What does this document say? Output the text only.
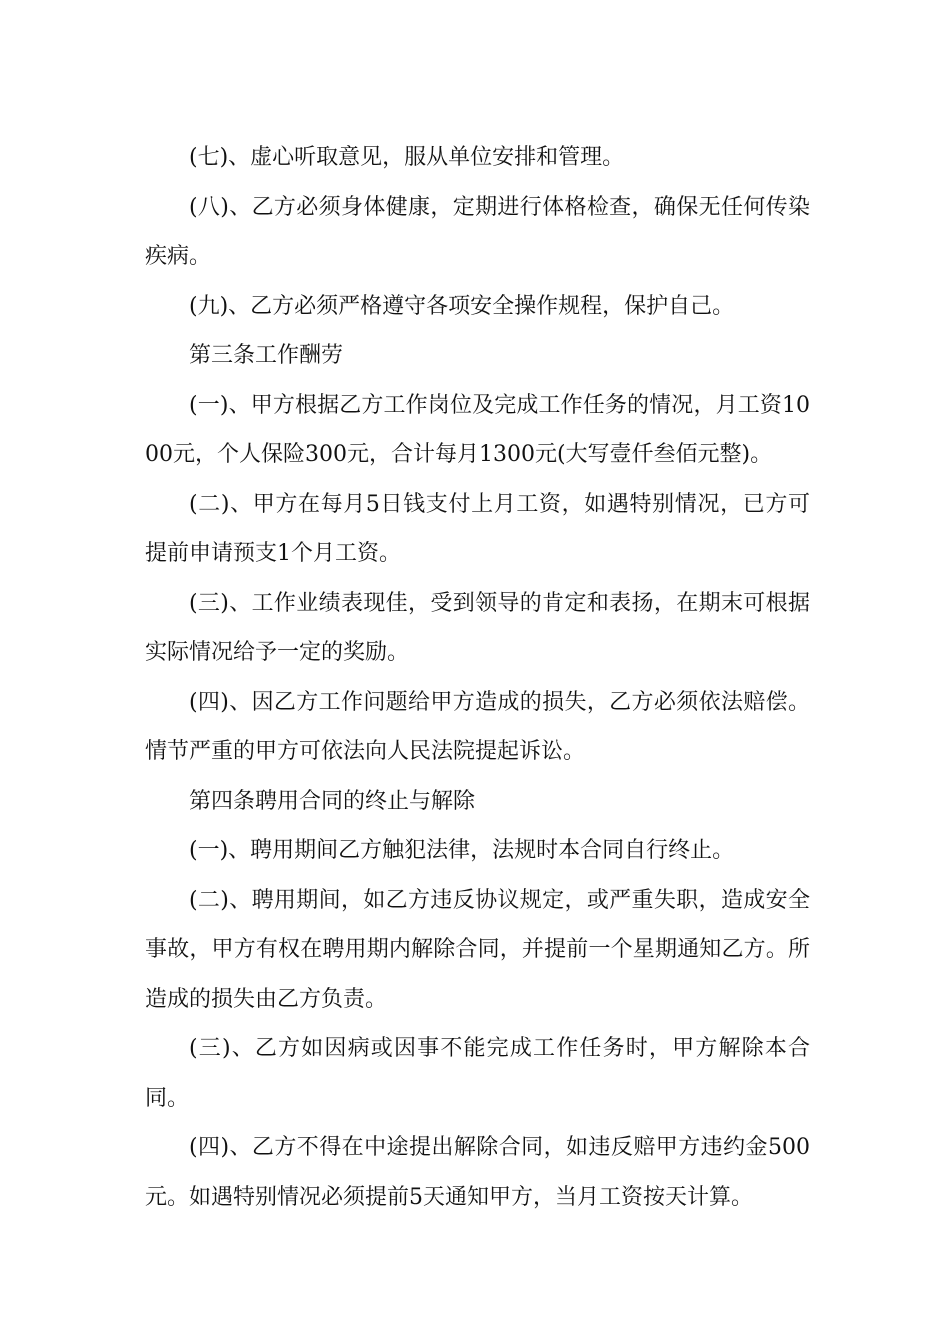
(七)、虚心听取意见，服从单位安排和管理。

(八)、乙方必须身体健康，定期进行体格检查，确保无任何传染疾病。

(九)、乙方必须严格遵守各项安全操作规程，保护自己。

第三条工作酬劳

(一)、甲方根据乙方工作岗位及完成工作任务的情况，月工资1000元，个人保险300元，合计每月1300元(大写壹仟叁佰元整)。

(二)、甲方在每月5日钱支付上月工资，如遇特别情况，已方可提前申请预支1个月工资。

(三)、工作业绩表现佳，受到领导的肯定和表扬，在期末可根据实际情况给予一定的奖励。

(四)、因乙方工作问题给甲方造成的损失，乙方必须依法赔偿。情节严重的甲方可依法向人民法院提起诉讼。

第四条聘用合同的终止与解除

(一)、聘用期间乙方触犯法律，法规时本合同自行终止。

(二)、聘用期间，如乙方违反协议规定，或严重失职，造成安全事故，甲方有权在聘用期内解除合同，并提前一个星期通知乙方。所造成的损失由乙方负责。

(三)、乙方如因病或因事不能完成工作任务时，甲方解除本合同。

(四)、乙方不得在中途提出解除合同，如违反赔甲方违约金500元。如遇特别情况必须提前5天通知甲方，当月工资按天计算。
